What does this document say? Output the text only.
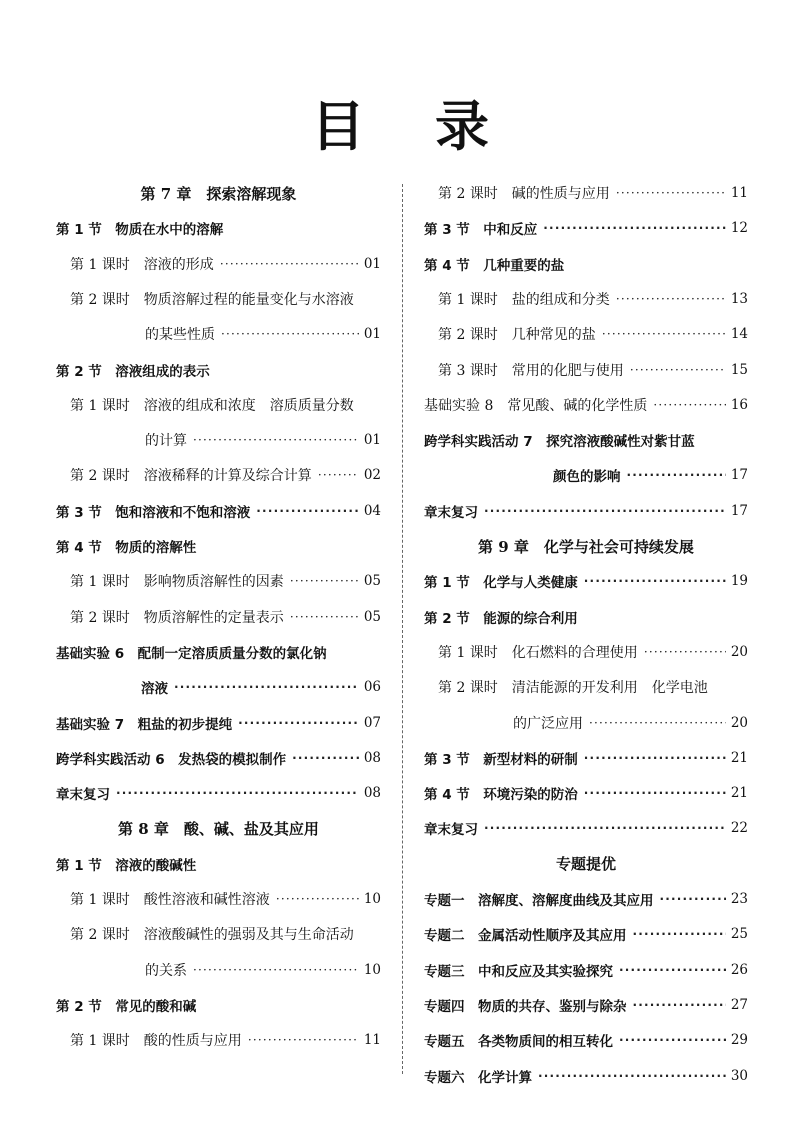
目 录
第 7 章　探索溶解现象
第 1 节　物质在水中的溶解
第 1 课时　溶液的形成 ·····	01
第 2 课时　物质溶解过程的能量变化与水溶液
的某些性质 ·····	01
第 2 节　溶液组成的表示
第 1 课时　溶液的组成和浓度　溶质质量分数
的计算 ·····	01
第 2 课时　溶液稀释的计算及综合计算 ·····	02
第 3 节　饱和溶液和不饱和溶液 ·····	04
第 4 节　物质的溶解性
第 1 课时　影响物质溶解性的因素 ·····	05
第 2 课时　物质溶解性的定量表示 ·····	05
基础实验 6　配制一定溶质质量分数的氯化钠
溶液 ·····	06
基础实验 7　粗盐的初步提纯 ·····	07
跨学科实践活动 6　发热袋的模拟制作 ·····	08
章末复习 ·····	08
第 8 章　酸、碱、盐及其应用
第 1 节　溶液的酸碱性
第 1 课时　酸性溶液和碱性溶液 ·····	10
第 2 课时　溶液酸碱性的强弱及其与生命活动
的关系 ·····	10
第 2 节　常见的酸和碱
第 1 课时　酸的性质与应用 ·····	11
第 2 课时　碱的性质与应用 ·····	11
第 3 节　中和反应 ·····	12
第 4 节　几种重要的盐
第 1 课时　盐的组成和分类 ·····	13
第 2 课时　几种常见的盐 ·····	14
第 3 课时　常用的化肥与使用 ·····	15
基础实验 8　常见酸、碱的化学性质 ·····	16
跨学科实践活动 7　探究溶液酸碱性对紫甘蓝
颜色的影响 ·····	17
章末复习 ·····	17
第 9 章　化学与社会可持续发展
第 1 节　化学与人类健康 ·····	19
第 2 节　能源的综合利用
第 1 课时　化石燃料的合理使用 ·····	20
第 2 课时　清洁能源的开发利用　化学电池
的广泛应用 ·····	20
第 3 节　新型材料的研制 ·····	21
第 4 节　环境污染的防治 ·····	21
章末复习 ·····	22
专题提优
专题一　溶解度、溶解度曲线及其应用 ·····	23
专题二　金属活动性顺序及其应用 ·····	25
专题三　中和反应及其实验探究 ·····	26
专题四　物质的共存、鉴别与除杂 ·····	27
专题五　各类物质间的相互转化 ·····	29
专题六　化学计算 ·····	30
